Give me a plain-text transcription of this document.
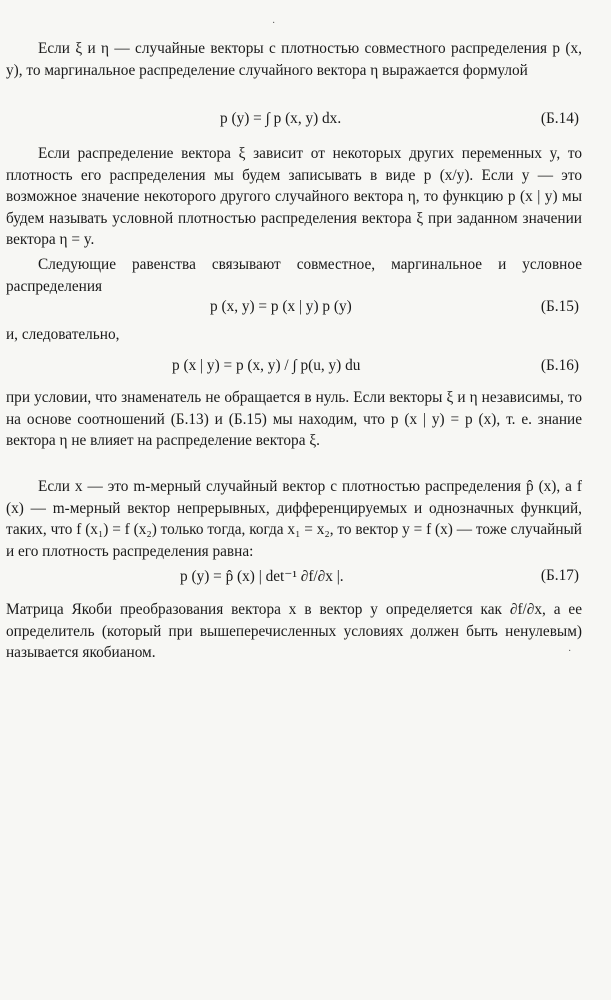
·

Если ξ и η — случайные векторы с плотностью совместного распределения p (x, y), то маргинальное распределение случайного вектора η выражается формулой

p (y) = ∫ p (x, y) dx.	(Б.14)

Если распределение вектора ξ зависит от некоторых других переменных y, то плотность его распределения мы будем записывать в виде p (x/y). Если y — это возможное значение некоторого другого случайного вектора η, то функцию p (x | y) мы будем называть условной плотностью распределения вектора ξ при заданном значении вектора η = y.

Следующие равенства связывают совместное, маргинальное и условное распределения

p (x, y) = p (x | y) p (y)	(Б.15)

и, следовательно,

p (x | y) = p (x, y) / ∫ p(u, y) du	(Б.16)

при условии, что знаменатель не обращается в нуль. Если векторы ξ и η независимы, то на основе соотношений (Б.13) и (Б.15) мы находим, что p (x | y) = p (x), т. е. знание вектора η не влияет на распределение вектора ξ.

Если x — это m-мерный случайный вектор с плотностью распределения p̂ (x), а f (x) — m-мерный вектор непрерывных, дифференцируемых и однозначных функций, таких, что f (x₁) = f (x₂) только тогда, когда x₁ = x₂, то вектор y = f (x) — тоже случайный и его плотность распределения равна:

p (y) = p̂ (x) | det⁻¹ ∂f/∂x |.	(Б.17)

Матрица Якоби преобразования вектора x в вектор y определяется как ∂f/∂x, а ее определитель (который при вышеперечисленных условиях должен быть ненулевым) называется якобианом.	·
